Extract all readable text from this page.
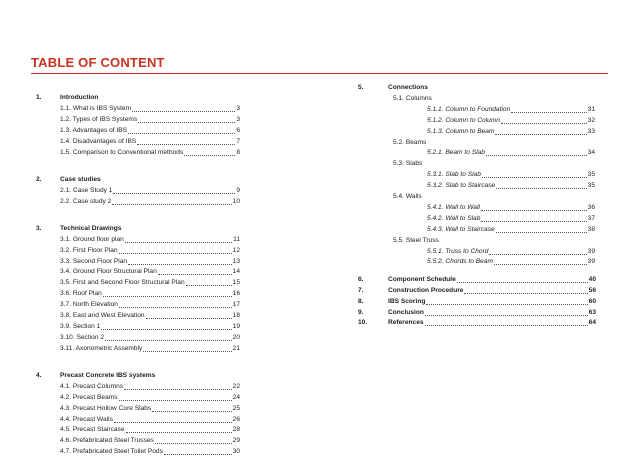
TABLE OF CONTENT
1.	Introduction
1.1. What is IBS System	3
1.2. Types of IBS Systems	3
1.3. Advantages of IBS	6
1.4. Disadvantages of IBS	7
1.5. Comparison to Conventional methods	8
2.	Case studies
2.1. Case Study 1	9
2.2. Case study 2	10
3.	Technical Drawings
3.1. Ground floor plan	11
3.2. First Floor Plan	12
3.3. Second Floor Plan	13
3.4. Ground Floor Structural Plan	14
3.5. First and Second Floor Structural Plan	15
3.6. Roof Plan	16
3.7. North Elevation	17
3.8. East and West Elevation	18
3.9. Section 1	19
3.10. Section 2	20
3.11. Axonometric Assembly	21
4.	Precast Concrete IBS systems
4.1. Precast Columns	22
4.2. Precast Beams	24
4.3. Precast Hollow Core Slabs	25
4.4. Precast Walls	26
4.5. Precast Staircase	28
4.6. Prefabricated Steel Trusses	29
4.7. Prefabricated Steel Toilet Pods	30
5.	Connections
5.1. Columns
5.1.1. Column to Foundation	31
5.1.2. Column to Column	32
5.1.3. Column to Beam	33
5.2. Beams
5.2.1. Beam to Slab	34
5.3. Slabs
5.3.1. Slab to Slab	35
5.3.2. Slab to Staircase	35
5.4. Walls
5.4.1. Wall to Wall	36
5.4.2. Wall to Slab	37
5.4.3. Wall to Staircase	38
5.5. Steel Truss
5.5.1. Truss to Chord	39
5.5.2. Chords to Beam	39
6.	Component Schedule	40
7.	Construction Procedure	56
8.	IBS Scoring	60
9.	Conclusion	63
10.	References	64
